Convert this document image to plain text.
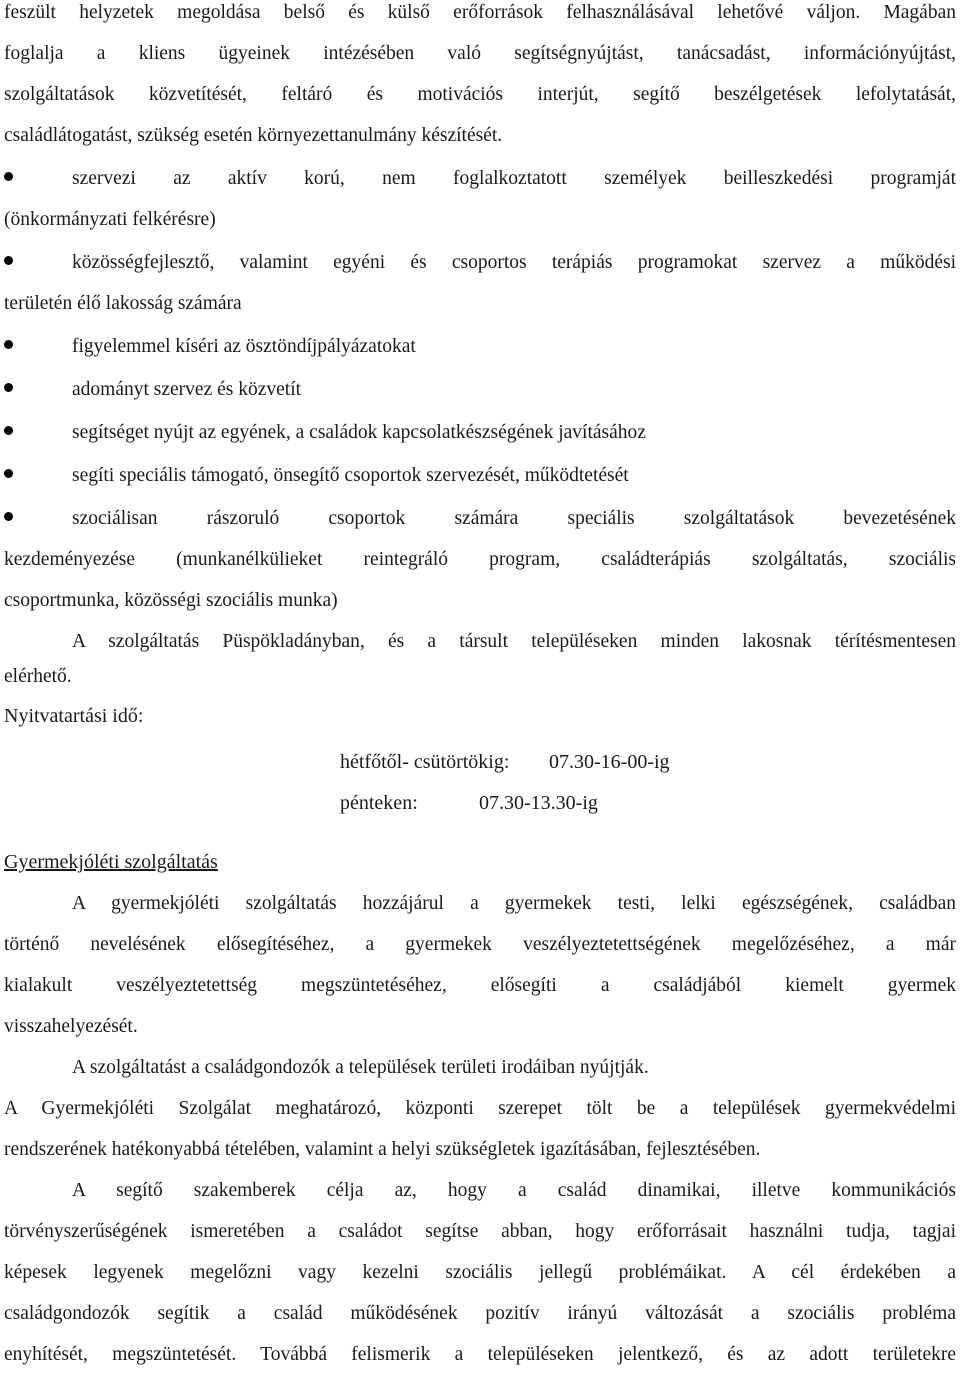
feszült helyzetek megoldása belső és külső erőforrások felhasználásával lehetővé váljon. Magában
foglalja a kliens ügyeinek intézésében való segítségnyújtást, tanácsadást, információnyújtást,
szolgáltatások közvetítését, feltáró és motivációs interjút, segítő beszélgetések lefolytatását,
családlátogatást, szükség esetén környezettanulmány készítését.
szervezi az aktív korú, nem foglalkoztatott személyek beilleszkedési programját
(önkormányzati felkérésre)
közösségfejlesztő, valamint egyéni és csoportos terápiás programokat szervez a működési
területén élő lakosság számára
figyelemmel kíséri az ösztöndíjpályázatokat
adományt szervez és közvetít
segítséget nyújt az egyének, a családok kapcsolatkészségének javításához
segíti speciális támogató, önsegítő csoportok szervezését, működtetését
szociálisan rászoruló csoportok számára speciális szolgáltatások bevezetésének
kezdeményezése (munkanélkülieket reintegráló program, családterápiás szolgáltatás, szociális
csoportmunka, közösségi szociális munka)
A szolgáltatás Püspökladányban, és a társult településeken minden lakosnak térítésmentesen
elérhető.
Nyitvatartási idő:
hétfőtől- csütörtökig: 07.30-16-00-ig
pénteken:	07.30-13.30-ig
Gyermekjóléti szolgáltatás
A gyermekjóléti szolgáltatás hozzájárul a gyermekek testi, lelki egészségének, családban
történő nevelésének elősegítéséhez, a gyermekek veszélyeztetettségének megelőzéséhez, a már
kialakult veszélyeztetettség megszüntetéséhez, elősegíti a családjából kiemelt gyermek
visszahelyezését.
A szolgáltatást a családgondozók a települések területi irodáiban nyújtják.
A Gyermekjóléti Szolgálat meghatározó, központi szerepet tölt be a települések gyermekvédelmi
rendszerének hatékonyabbá tételében, valamint a helyi szükségletek igazításában, fejlesztésében.
A segítő szakemberek célja az, hogy a család dinamikai, illetve kommunikációs
törvényszerűségének ismeretében a családot segítse abban, hogy erőforrásait használni tudja, tagjai
képesek legyenek megelőzni vagy kezelni szociális jellegű problémáikat. A cél érdekében a
családgondozók segítik a család működésének pozitív irányú változását a szociális probléma
enyhítését, megszüntetését. Továbbá felismerik a településeken jelentkező, és az adott területekre
